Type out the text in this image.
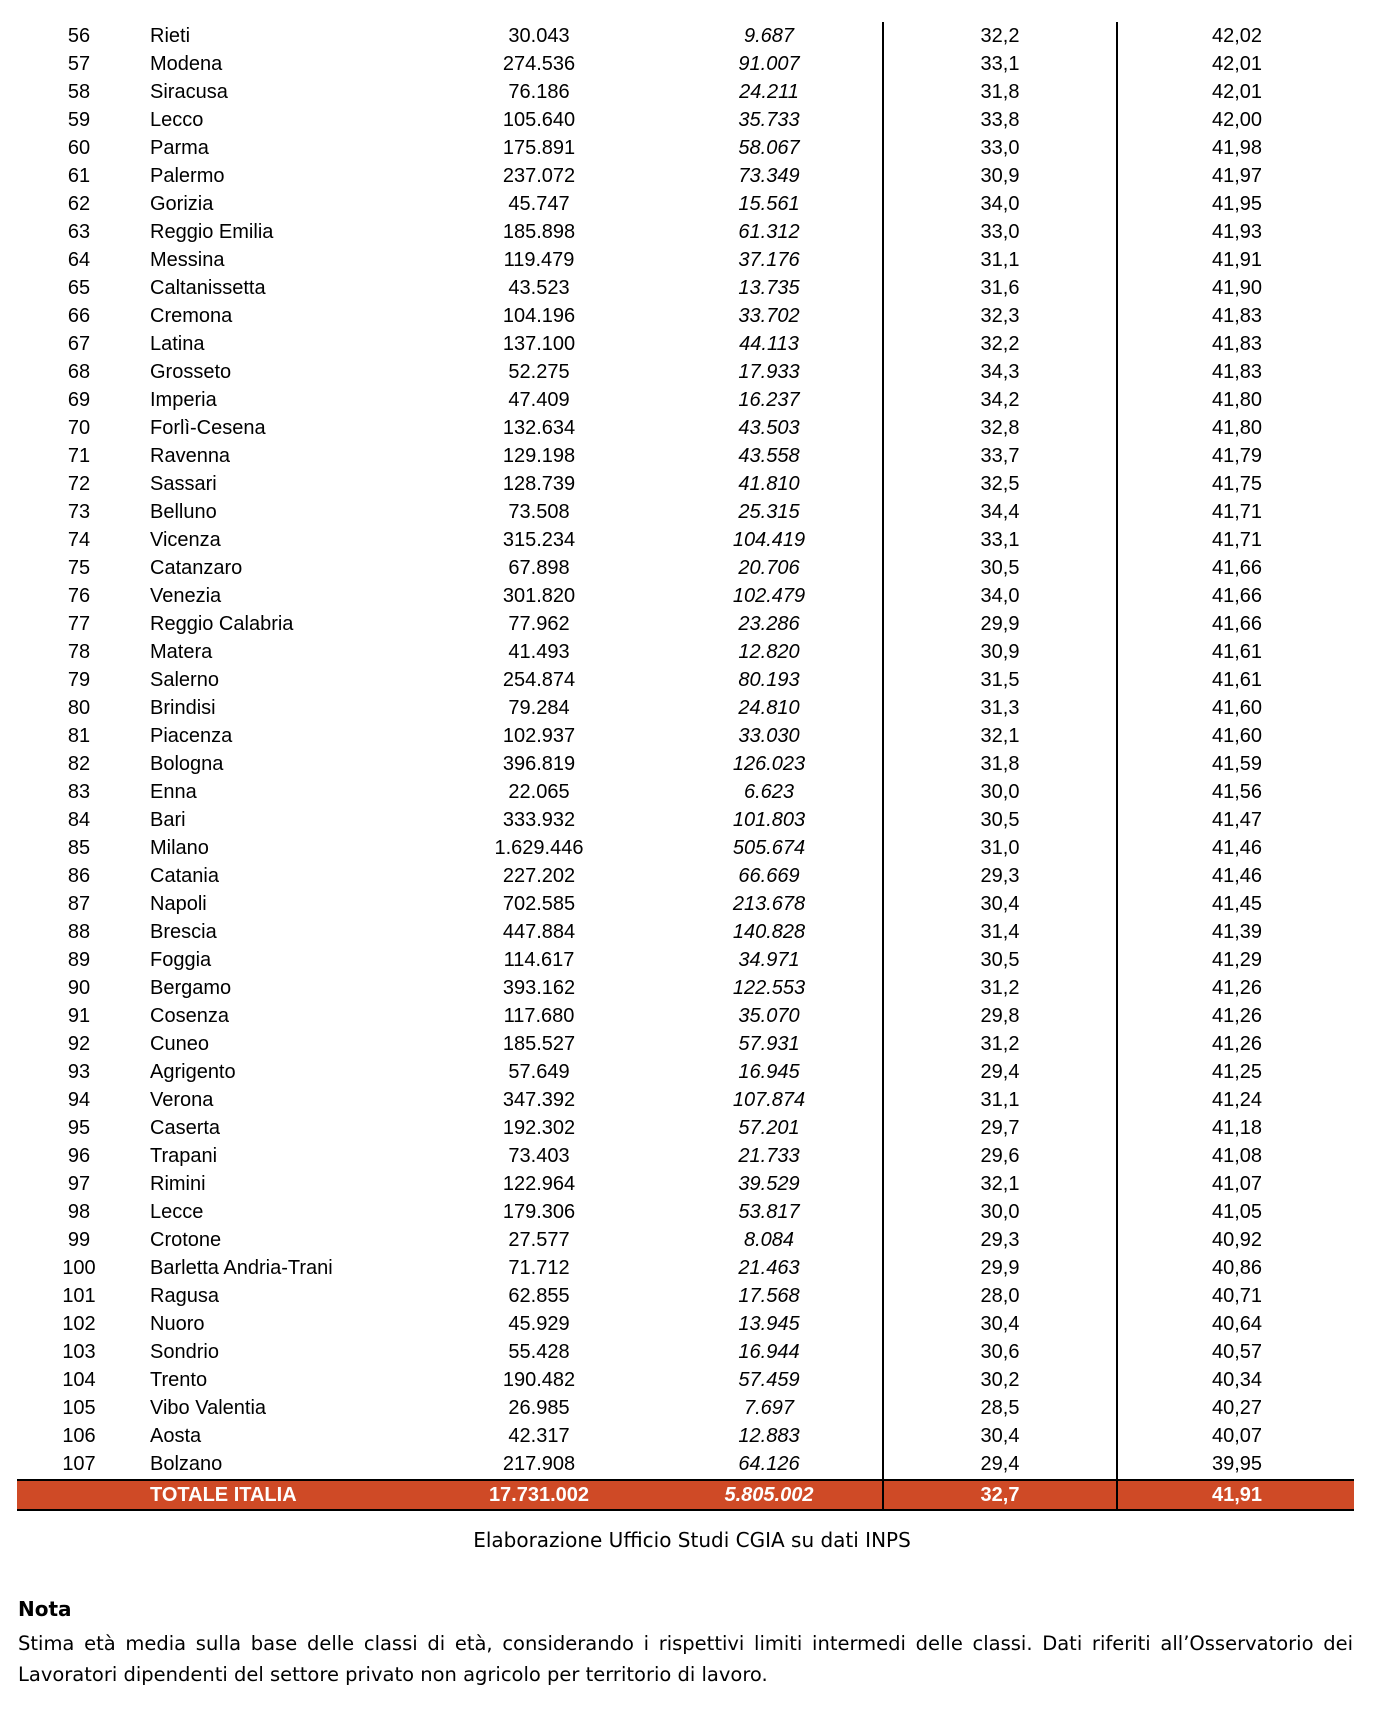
56	Rieti	30.043	9.687	32,2	42,02
57	Modena	274.536	91.007	33,1	42,01
58	Siracusa	76.186	24.211	31,8	42,01
59	Lecco	105.640	35.733	33,8	42,00
60	Parma	175.891	58.067	33,0	41,98
61	Palermo	237.072	73.349	30,9	41,97
62	Gorizia	45.747	15.561	34,0	41,95
63	Reggio Emilia	185.898	61.312	33,0	41,93
64	Messina	119.479	37.176	31,1	41,91
65	Caltanissetta	43.523	13.735	31,6	41,90
66	Cremona	104.196	33.702	32,3	41,83
67	Latina	137.100	44.113	32,2	41,83
68	Grosseto	52.275	17.933	34,3	41,83
69	Imperia	47.409	16.237	34,2	41,80
70	Forlì-Cesena	132.634	43.503	32,8	41,80
71	Ravenna	129.198	43.558	33,7	41,79
72	Sassari	128.739	41.810	32,5	41,75
73	Belluno	73.508	25.315	34,4	41,71
74	Vicenza	315.234	104.419	33,1	41,71
75	Catanzaro	67.898	20.706	30,5	41,66
76	Venezia	301.820	102.479	34,0	41,66
77	Reggio Calabria	77.962	23.286	29,9	41,66
78	Matera	41.493	12.820	30,9	41,61
79	Salerno	254.874	80.193	31,5	41,61
80	Brindisi	79.284	24.810	31,3	41,60
81	Piacenza	102.937	33.030	32,1	41,60
82	Bologna	396.819	126.023	31,8	41,59
83	Enna	22.065	6.623	30,0	41,56
84	Bari	333.932	101.803	30,5	41,47
85	Milano	1.629.446	505.674	31,0	41,46
86	Catania	227.202	66.669	29,3	41,46
87	Napoli	702.585	213.678	30,4	41,45
88	Brescia	447.884	140.828	31,4	41,39
89	Foggia	114.617	34.971	30,5	41,29
90	Bergamo	393.162	122.553	31,2	41,26
91	Cosenza	117.680	35.070	29,8	41,26
92	Cuneo	185.527	57.931	31,2	41,26
93	Agrigento	57.649	16.945	29,4	41,25
94	Verona	347.392	107.874	31,1	41,24
95	Caserta	192.302	57.201	29,7	41,18
96	Trapani	73.403	21.733	29,6	41,08
97	Rimini	122.964	39.529	32,1	41,07
98	Lecce	179.306	53.817	30,0	41,05
99	Crotone	27.577	8.084	29,3	40,92
100	Barletta Andria-Trani	71.712	21.463	29,9	40,86
101	Ragusa	62.855	17.568	28,0	40,71
102	Nuoro	45.929	13.945	30,4	40,64
103	Sondrio	55.428	16.944	30,6	40,57
104	Trento	190.482	57.459	30,2	40,34
105	Vibo Valentia	26.985	7.697	28,5	40,27
106	Aosta	42.317	12.883	30,4	40,07
107	Bolzano	217.908	64.126	29,4	39,95
TOTALE ITALIA	17.731.002	5.805.002	32,7	41,91
Elaborazione Ufficio Studi CGIA su dati INPS
Nota
Stima età media sulla base delle classi di età, considerando i rispettivi limiti intermedi delle classi. Dati riferiti all’Osservatorio dei Lavoratori dipendenti del settore privato non agricolo per territorio di lavoro.
